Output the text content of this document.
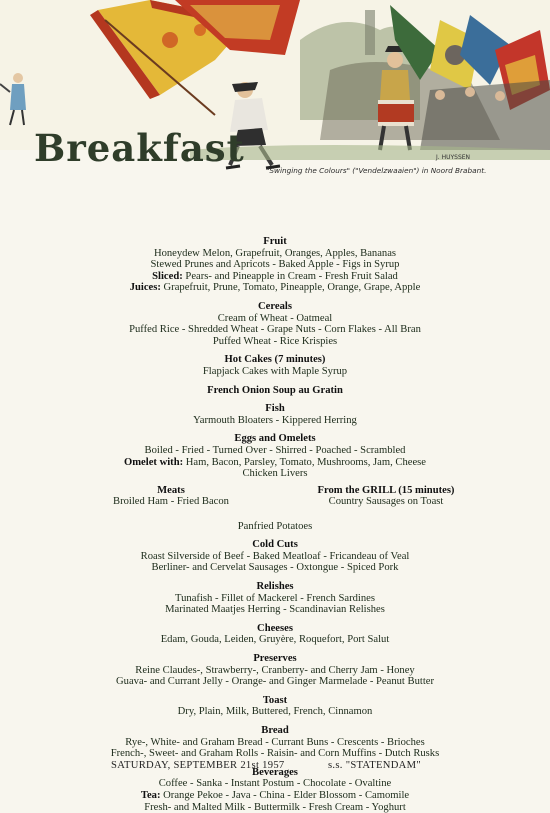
Breakfast	J. HUYSSEN
"Swinging the Colours" ("Vendelzwaaien") in Noord Brabant.
Fruit
Honeydew Melon, Grapefruit, Oranges, Apples, Bananas
Stewed Prunes and Apricots - Baked Apple - Figs in Syrup
Sliced: Pears- and Pineapple in Cream - Fresh Fruit Salad
Juices: Grapefruit, Prune, Tomato, Pineapple, Orange, Grape, Apple
Cereals
Cream of Wheat - Oatmeal
Puffed Rice - Shredded Wheat - Grape Nuts - Corn Flakes - All Bran
Puffed Wheat - Rice Krispies
Hot Cakes (7 minutes)
Flapjack Cakes with Maple Syrup
French Onion Soup au Gratin
Fish
Yarmouth Bloaters - Kippered Herring
Eggs and Omelets
Boiled - Fried - Turned Over - Shirred - Poached - Scrambled
Omelet with: Ham, Bacon, Parsley, Tomato, Mushrooms, Jam, Cheese
Chicken Livers
Meats
Broiled Ham - Fried Bacon
From the GRILL (15 minutes)
Country Sausages on Toast
Panfried Potatoes
Cold Cuts
Roast Silverside of Beef - Baked Meatloaf - Fricandeau of Veal
Berliner- and Cervelat Sausages - Oxtongue - Spiced Pork
Relishes
Tunafish - Fillet of Mackerel - French Sardines
Marinated Maatjes Herring - Scandinavian Relishes
Cheeses
Edam, Gouda, Leiden, Gruyère, Roquefort, Port Salut
Preserves
Reine Claudes-, Strawberry-, Cranberry- and Cherry Jam - Honey
Guava- and Currant Jelly - Orange- and Ginger Marmelade - Peanut Butter
Toast
Dry, Plain, Milk, Buttered, French, Cinnamon
Bread
Rye-, White- and Graham Bread - Currant Buns - Crescents - Brioches
French-, Sweet- and Graham Rolls - Raisin- and Corn Muffins - Dutch Rusks
Beverages
Coffee - Sanka - Instant Postum - Chocolate - Ovaltine
Tea: Orange Pekoe - Java - China - Elder Blossom - Camomile
Fresh- and Malted Milk - Buttermilk - Fresh Cream - Yoghurt
SATURDAY, SEPTEMBER 21st 1957	s.s. "STATENDAM"
